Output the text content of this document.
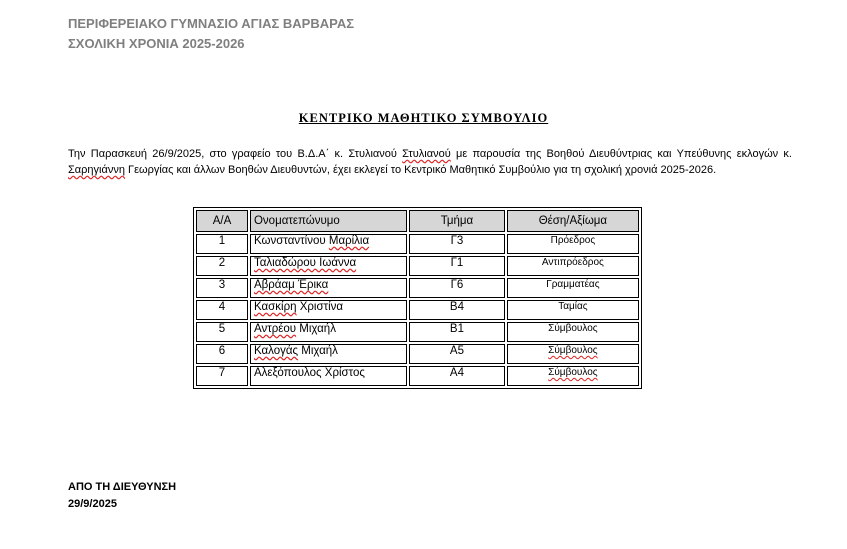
ΠΕΡΙΦΕΡΕΙΑΚΟ ΓΥΜΝΑΣΙΟ ΑΓΙΑΣ ΒΑΡΒΑΡΑΣ
ΣΧΟΛΙΚΗ ΧΡΟΝΙΑ 2025-2026
ΚΕΝΤΡΙΚΟ ΜΑΘΗΤΙΚΟ ΣΥΜΒΟΥΛΙΟ
Την Παρασκευή 26/9/2025, στο γραφείο του Β.Δ.Α΄ κ. Στυλιανού Στυλιανού με παρουσία της Βοηθού Διευθύντριας και Υπεύθυνης εκλογών κ. Σαρηγιάννη Γεωργίας και άλλων Βοηθών Διευθυντών, έχει εκλεγεί το Κεντρικό Μαθητικό Συμβούλιο για τη σχολική χρονιά 2025-2026.
Α/Α	Ονοματεπώνυμο	Τμήμα	Θέση/Αξίωμα
1	Κωνσταντίνου Μαρίλια	Γ3	Πρόεδρος
2	Ταλιαδώρου Ιωάννα	Γ1	Αντιπρόεδρος
3	Αβράαμ Έρικα	Γ6	Γραμματέας
4	Κασκίρη Χριστίνα	Β4	Ταμίας
5	Αντρέου Μιχαήλ	Β1	Σύμβουλος
6	Καλογάς Μιχαήλ	Α5	Σύμβουλος
7	Αλεξόπουλος Χρίστος	Α4	Σύμβουλος
ΑΠΟ ΤΗ ΔΙΕΥΘΥΝΣΗ
29/9/2025
